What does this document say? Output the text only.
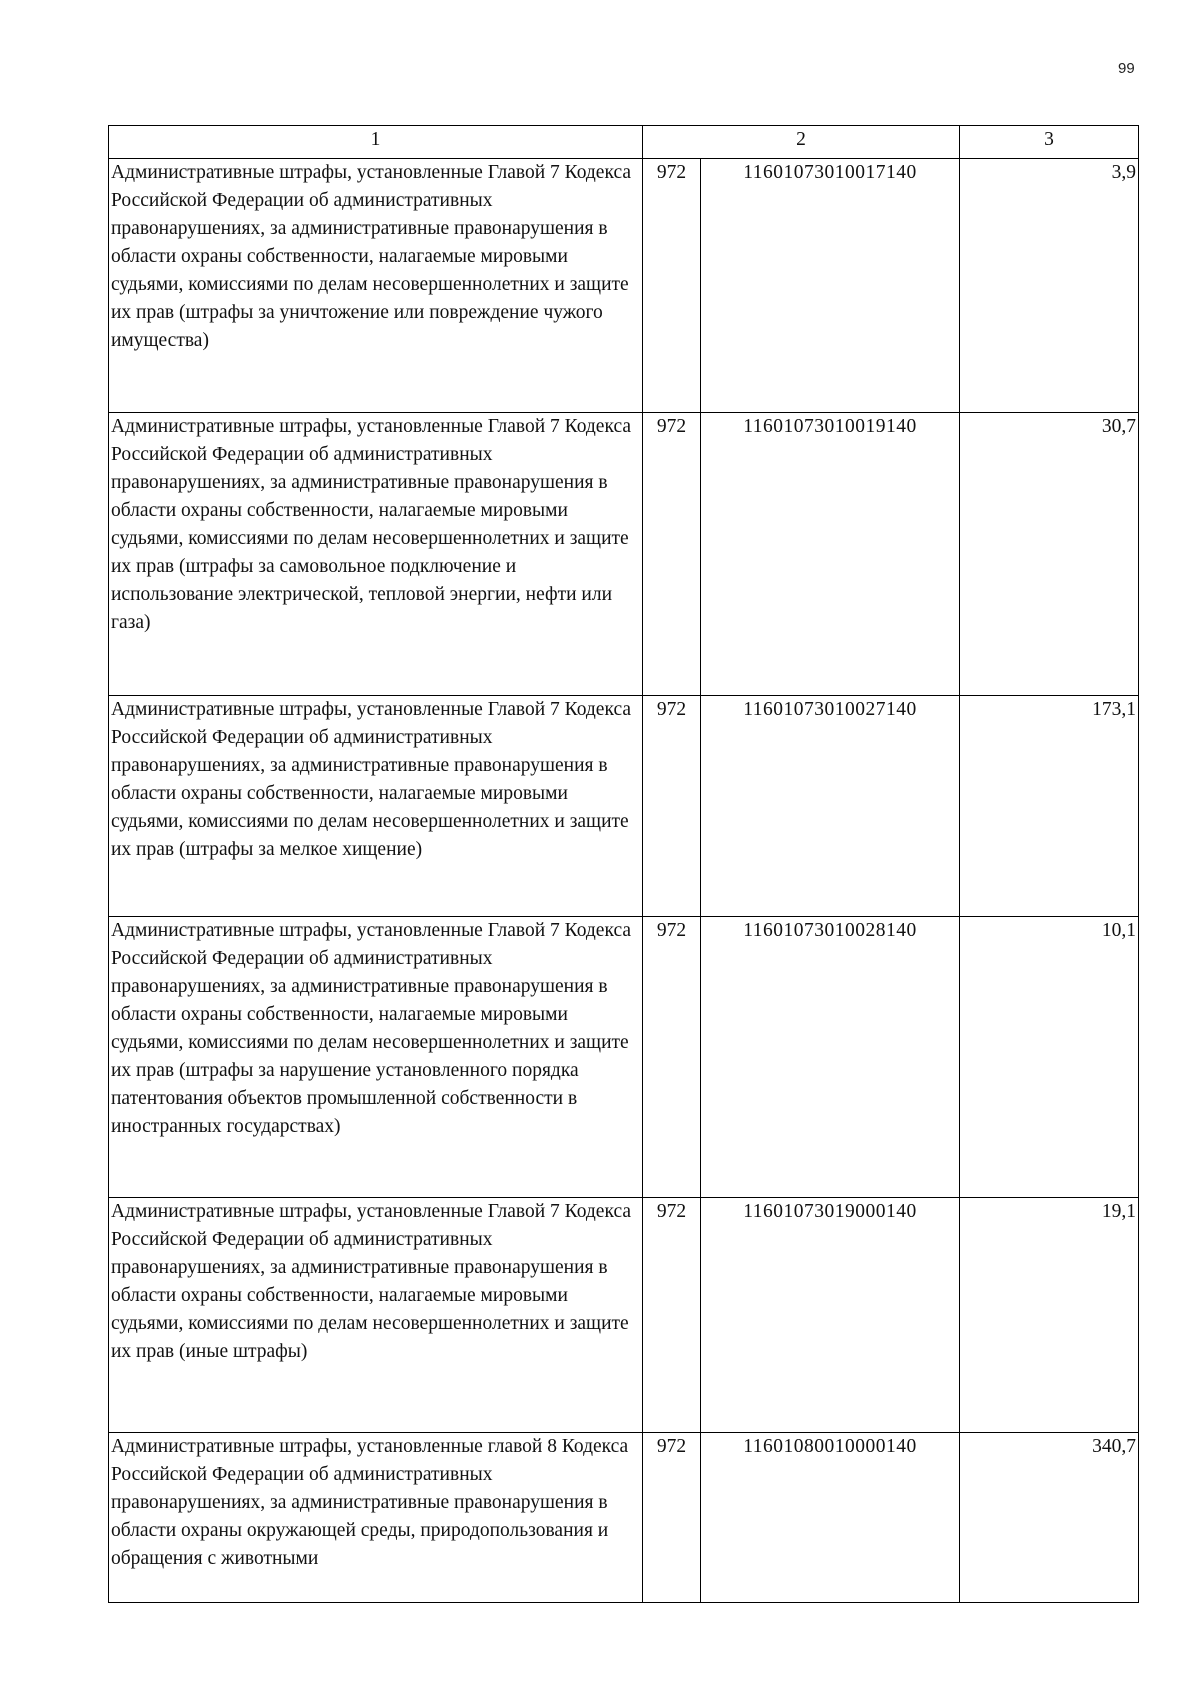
99
1	2		3
Административные штрафы, установленные Главой 7 Кодекса Российской Федерации об административных правонарушениях, за административные правонарушения в области охраны собственности, налагаемые мировыми судьями, комиссиями по делам несовершеннолетних и защите их прав (штрафы за уничтожение или повреждение чужого имущества)	972	11601073010017140	3,9
Административные штрафы, установленные Главой 7 Кодекса Российской Федерации об административных правонарушениях, за административные правонарушения в области охраны собственности, налагаемые мировыми судьями, комиссиями по делам несовершеннолетних и защите их прав (штрафы за самовольное подключение и использование электрической, тепловой энергии, нефти или газа)	972	11601073010019140	30,7
Административные штрафы, установленные Главой 7 Кодекса Российской Федерации об административных правонарушениях, за административные правонарушения в области охраны собственности, налагаемые мировыми судьями, комиссиями по делам несовершеннолетних и защите их прав (штрафы за мелкое хищение)	972	11601073010027140	173,1
Административные штрафы, установленные Главой 7 Кодекса Российской Федерации об административных правонарушениях, за административные правонарушения в области охраны собственности, налагаемые мировыми судьями, комиссиями по делам несовершеннолетних и защите их прав (штрафы за нарушение установленного порядка патентования объектов промышленной собственности в иностранных государствах)	972	11601073010028140	10,1
Административные штрафы, установленные Главой 7 Кодекса Российской Федерации об административных правонарушениях, за административные правонарушения в области охраны собственности, налагаемые мировыми судьями, комиссиями по делам несовершеннолетних и защите их прав (иные штрафы)	972	11601073019000140	19,1
Административные штрафы, установленные главой 8 Кодекса Российской Федерации об административных правонарушениях, за административные правонарушения в области охраны окружающей среды, природопользования и обращения с животными	972	11601080010000140	340,7
